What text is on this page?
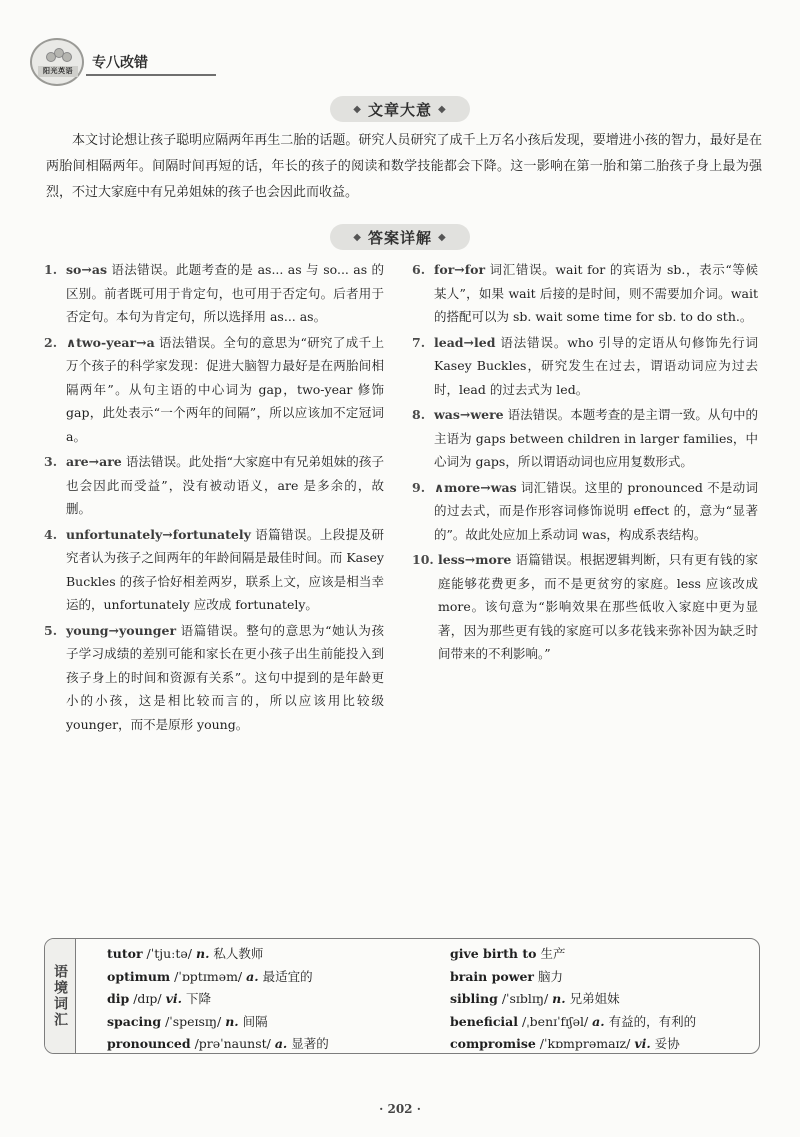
阳光英语	专八改错
◆ 文章大意 ◆
本文讨论想让孩子聪明应隔两年再生二胎的话题。研究人员研究了成千上万名小孩后发现，要增进小孩的智力，最好是在两胎间相隔两年。间隔时间再短的话，年长的孩子的阅读和数学技能都会下降。这一影响在第一胎和第二胎孩子身上最为强烈，不过大家庭中有兄弟姐妹的孩子也会因此而收益。
◆ 答案详解 ◆
1. so→as 语法错误。此题考查的是 as... as 与 so... as 的区别。前者既可用于肯定句，也可用于否定句。后者用于否定句。本句为肯定句，所以选择用 as... as。
2. ∧two-year→a 语法错误。全句的意思为“研究了成千上万个孩子的科学家发现：促进大脑智力最好是在两胎间相隔两年”。从句主语的中心词为 gap，two-year 修饰 gap，此处表示“一个两年的间隔”，所以应该加不定冠词 a。
3. are→are 语法错误。此处指“大家庭中有兄弟姐妹的孩子也会因此而受益”，没有被动语义，are 是多余的，故删。
4. unfortunately→fortunately 语篇错误。上段提及研究者认为孩子之间两年的年龄间隔是最佳时间。而 Kasey Buckles 的孩子恰好相差两岁，联系上文，应该是相当幸运的，unfortunately 应改成 fortunately。
5. young→younger 语篇错误。整句的意思为“她认为孩子学习成绩的差别可能和家长在更小孩子出生前能投入到孩子身上的时间和资源有关系”。这句中提到的是年龄更小的小孩，这是相比较而言的，所以应该用比较级 younger，而不是原形 young。
6. for→for 词汇错误。wait for 的宾语为 sb.，表示“等候某人”，如果 wait 后接的是时间，则不需要加介词。wait 的搭配可以为 sb. wait some time for sb. to do sth.。
7. lead→led 语法错误。who 引导的定语从句修饰先行词 Kasey Buckles，研究发生在过去，谓语动词应为过去时，lead 的过去式为 led。
8. was→were 语法错误。本题考查的是主谓一致。从句中的主语为 gaps between children in larger families，中心词为 gaps，所以谓语动词也应用复数形式。
9. ∧more→was 词汇错误。这里的 pronounced 不是动词的过去式，而是作形容词修饰说明 effect 的，意为“显著的”。故此处应加上系动词 was，构成系表结构。
10. less→more 语篇错误。根据逻辑判断，只有更有钱的家庭能够花费更多，而不是更贫穷的家庭。less 应该改成 more。该句意为“影响效果在那些低收入家庭中更为显著，因为那些更有钱的家庭可以多花钱来弥补因为缺乏时间带来的不利影响。”
语境词汇
tutor /ˈtjuːtə/ n. 私人教师
optimum /ˈɒptɪməm/ a. 最适宜的
dip /dɪp/ vi. 下降
spacing /ˈspeɪsɪŋ/ n. 间隔
pronounced /prəˈnaunst/ a. 显著的
give birth to 生产
brain power 脑力
sibling /ˈsɪblɪŋ/ n. 兄弟姐妹
beneficial /ˌbenɪˈfɪʃəl/ a. 有益的，有利的
compromise /ˈkɒmprəmaɪz/ vi. 妥协
· 202 ·
